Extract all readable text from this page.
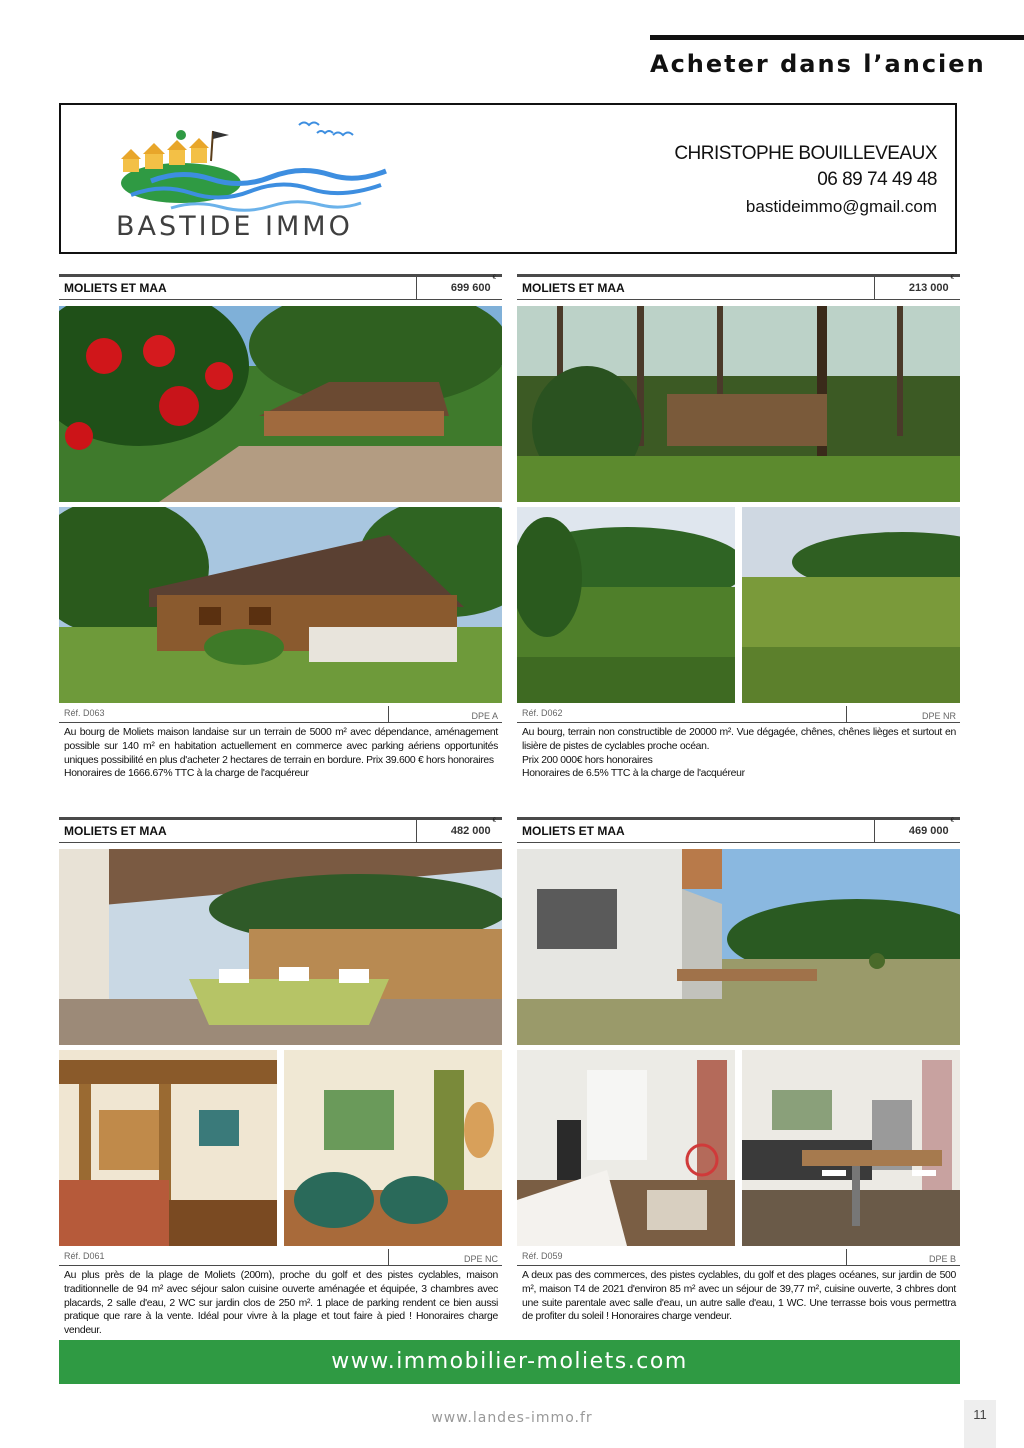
Acheter dans l’ancien
BASTIDE IMMO
CHRISTOPHE BOUILLEVEAUX
06 89 74 49 48
bastideimmo@gmail.com
MOLIETS ET MAA	699 600€
Réf. D063	DPE A
Au bourg de Moliets maison landaise sur un terrain de 5000 m² avec dépendance, aménagement possible sur 140 m² en habitation actuellement en commerce avec parking aériens opportunités uniques possibilité en plus d'acheter 2 hectares de terrain en bordure. Prix 39.600 € hors honoraires
Honoraires de 1666.67% TTC à la charge de l'acquéreur
MOLIETS ET MAA	213 000€
Réf. D062	DPE NR
Au bourg, terrain non constructible de 20000 m². Vue dégagée, chênes, chênes lièges et surtout en lisière de pistes de cyclables proche océan.
Prix 200 000€ hors honoraires
Honoraires de 6.5% TTC à la charge de l'acquéreur
MOLIETS ET MAA	482 000€
Réf. D061	DPE NC
Au plus près de la plage de Moliets (200m), proche du golf et des pistes cyclables, maison traditionnelle de 94 m² avec séjour salon cuisine ouverte aménagée et équipée, 3 chambres avec placards, 2 salle d'eau, 2 WC sur jardin clos de 250 m². 1 place de parking rendent ce bien aussi pratique que rare à la vente. Idéal pour vivre à la plage et tout faire à pied ! Honoraires charge vendeur.
MOLIETS ET MAA	469 000€
Réf. D059	DPE B
A deux pas des commerces, des pistes cyclables, du golf et des plages océanes, sur jardin de 500 m², maison T4 de 2021 d'environ 85 m² avec un séjour de 39,77 m², cuisine ouverte, 3 chbres dont une suite parentale avec salle d'eau, un autre salle d'eau, 1 WC. Une terrasse bois vous permettra de profiter du soleil ! Honoraires charge vendeur.
www.immobilier-moliets.com
www.landes-immo.fr	11
